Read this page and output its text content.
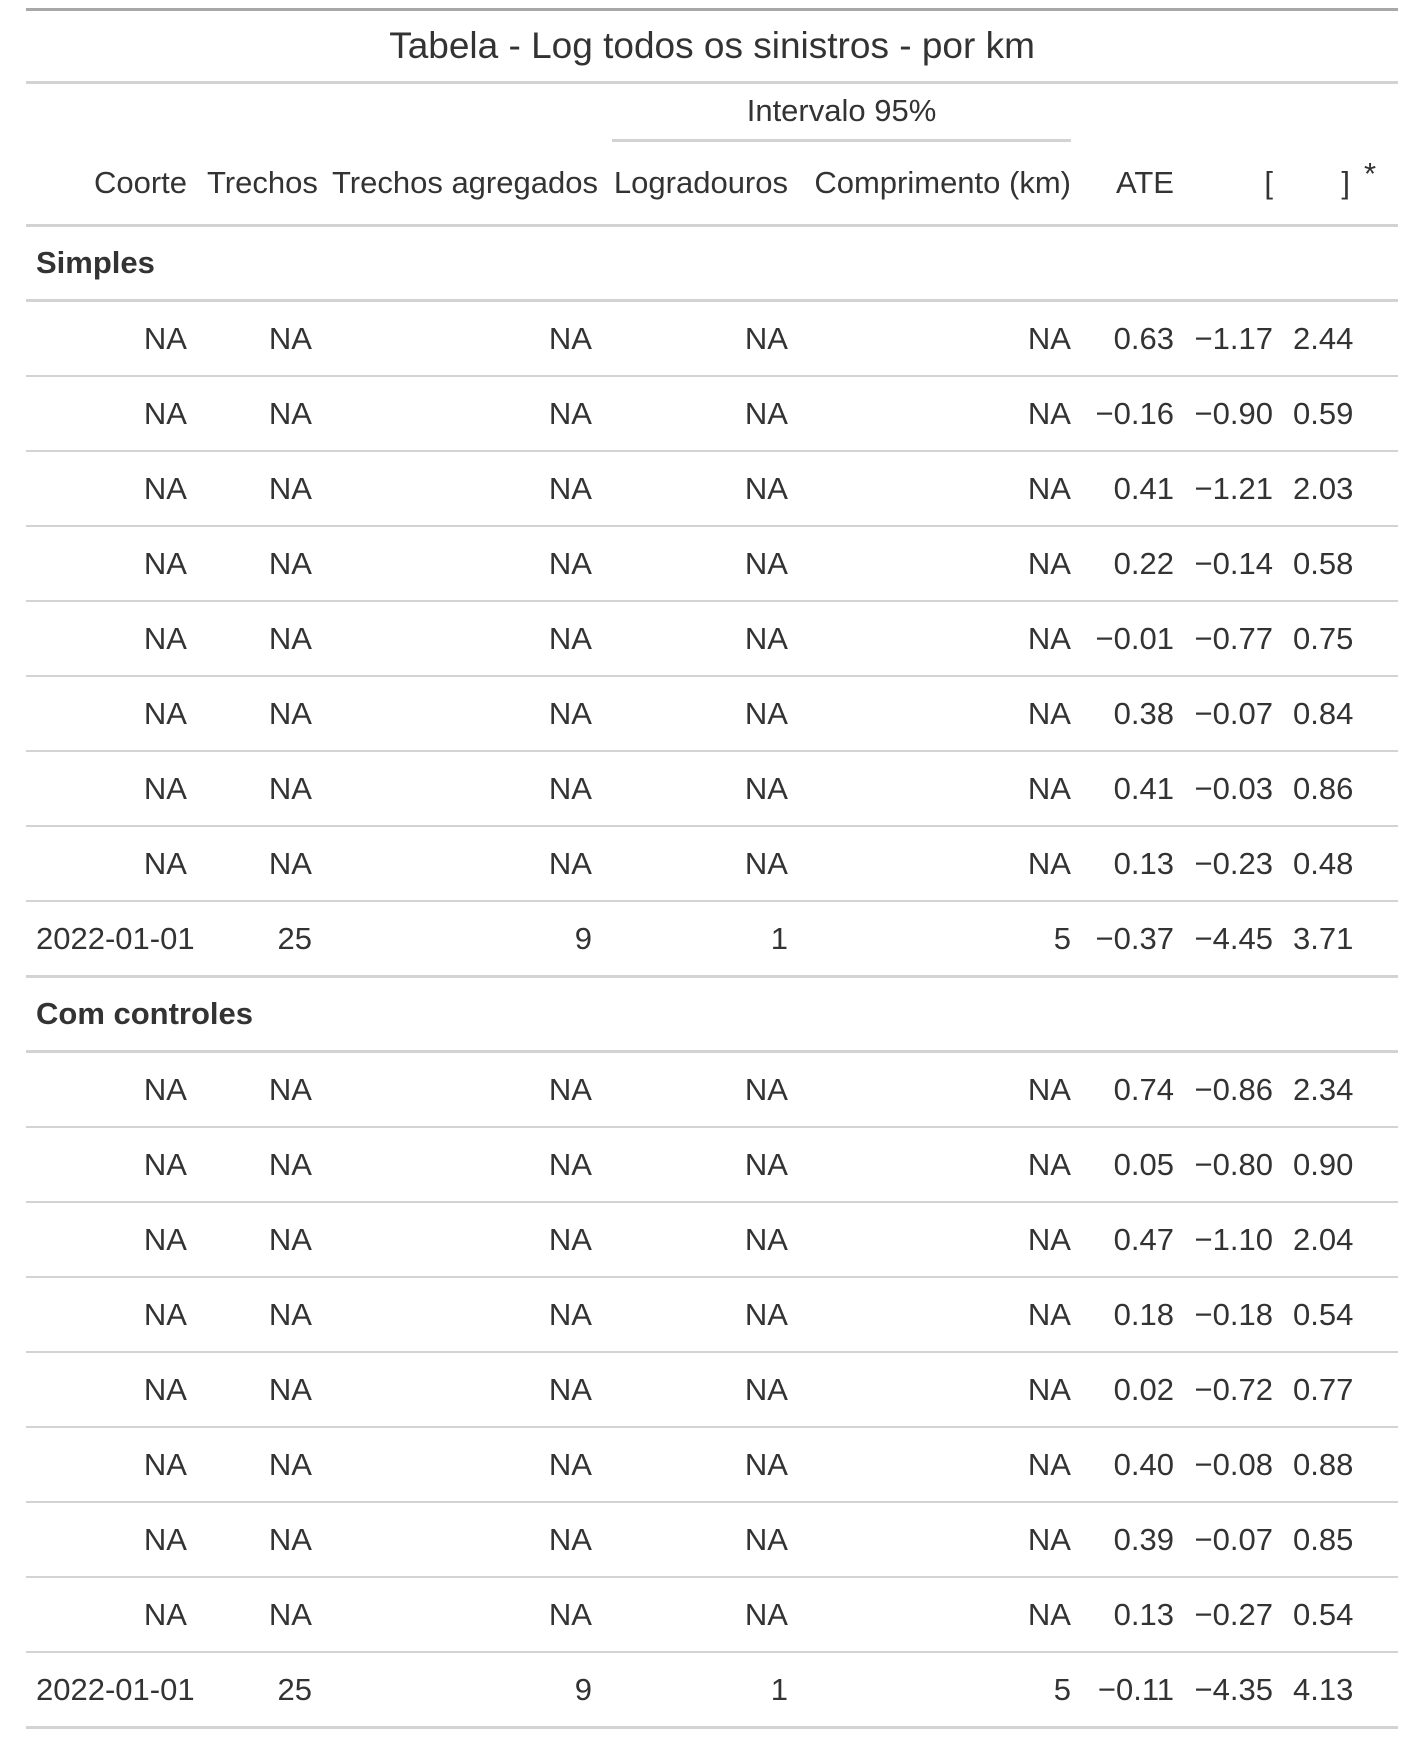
Tabela - Log todos os sinistros - por km								

			Intervalo 95%					

Coorte	Trechos	Trechos agregados	Logradouros	Comprimento (km)	ATE	[	]	*
Simples								
NA	NA	NA	NA	NA	0.63	−1.17	2.44	
NA	NA	NA	NA	NA	−0.16	−0.90	0.59	
NA	NA	NA	NA	NA	0.41	−1.21	2.03	
NA	NA	NA	NA	NA	0.22	−0.14	0.58	
NA	NA	NA	NA	NA	−0.01	−0.77	0.75	
NA	NA	NA	NA	NA	0.38	−0.07	0.84	
NA	NA	NA	NA	NA	0.41	−0.03	0.86	
NA	NA	NA	NA	NA	0.13	−0.23	0.48	
2022-01-01	25	9	1	5	−0.37	−4.45	3.71	
Com controles								
NA	NA	NA	NA	NA	0.74	−0.86	2.34	
NA	NA	NA	NA	NA	0.05	−0.80	0.90	
NA	NA	NA	NA	NA	0.47	−1.10	2.04	
NA	NA	NA	NA	NA	0.18	−0.18	0.54	
NA	NA	NA	NA	NA	0.02	−0.72	0.77	
NA	NA	NA	NA	NA	0.40	−0.08	0.88	
NA	NA	NA	NA	NA	0.39	−0.07	0.85	
NA	NA	NA	NA	NA	0.13	−0.27	0.54	
2022-01-01	25	9	1	5	−0.11	−4.35	4.13	
